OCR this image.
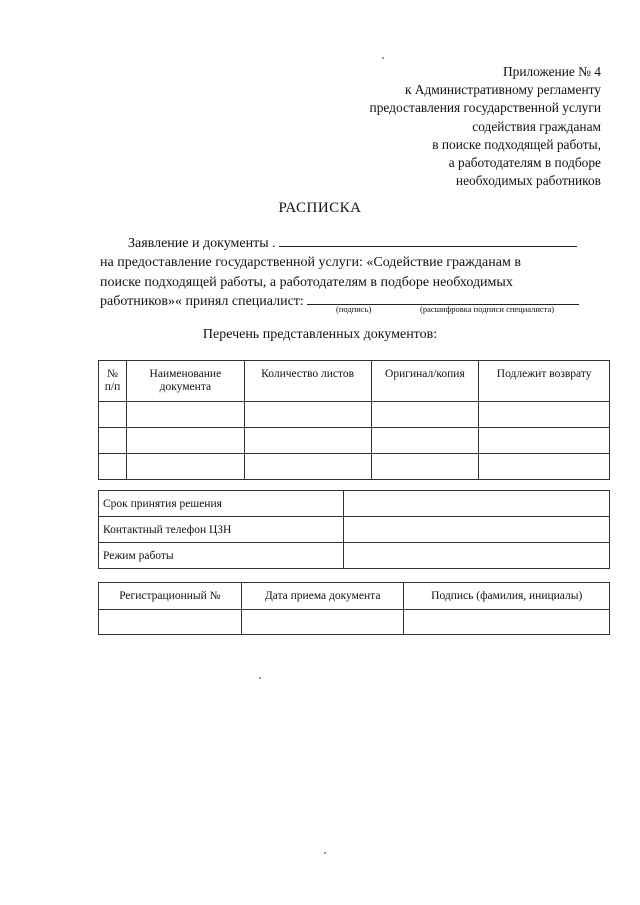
Приложение № 4
к Административному регламенту
предоставления государственной услуги
содействия гражданам
в поиске подходящей работы,
а работодателям в подборе
необходимых работников
РАСПИСКА
Заявление и документы .
на предоставление государственной услуги: «Содействие гражданам в
поиске подходящей работы, а работодателям в подборе необходимых
работников»« принял специалист:
(подпись)	(расшифровка подписи специалиста)
Перечень представленных документов:
№ п/п	Наименование документа	Количество листов	Оригинал/копия	Подлежит возврату

Срок принятия решения	
Контактный телефон ЦЗН	
Режим работы	
Регистрационный №	Дата приема документа	Подпись (фамилия, инициалы)
